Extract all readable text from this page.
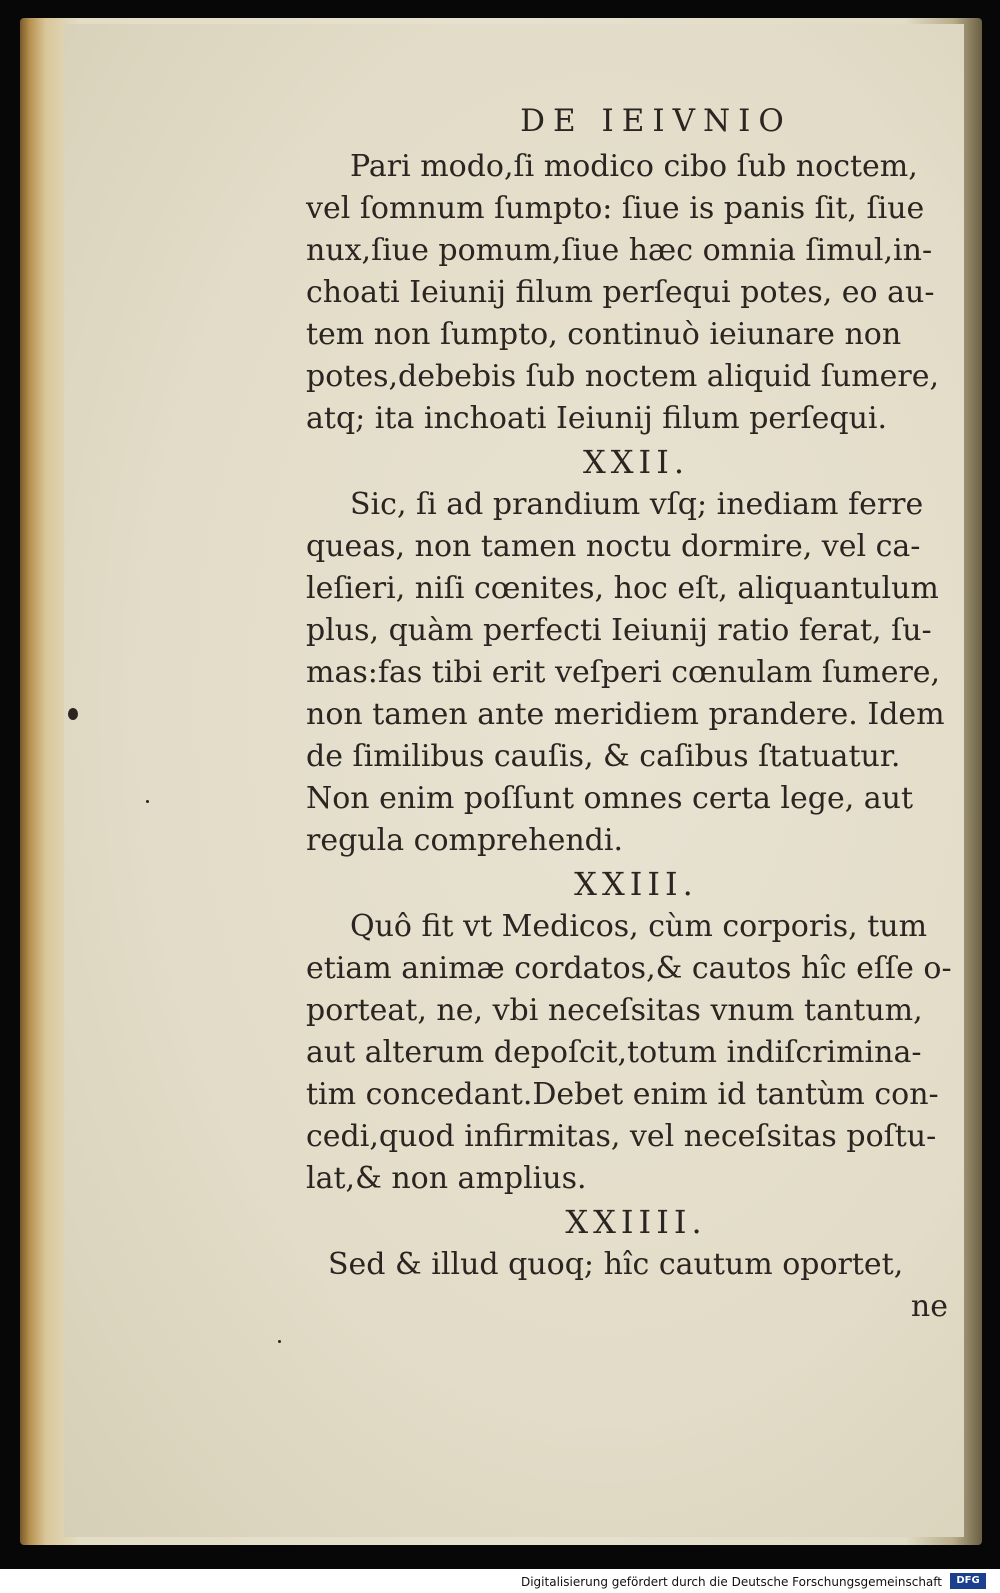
DE IEIVNIO
Pari modo,ſi modico cibo ſub noctem,
vel ſomnum ſumpto: ſiue is panis ſit, ſiue
nux,ſiue pomum,ſiue hæc omnia ſimul,in-
choati Ieiunij filum perſequi potes, eo au-
tem non ſumpto, continuò ieiunare non
potes,debebis ſub noctem aliquid ſumere,
atq; ita inchoati Ieiunij filum perſequi.
XXII.
Sic, ſi ad prandium vſq; inediam ferre
queas, non tamen noctu dormire, vel ca-
leſieri, niſi cœnites, hoc eſt, aliquantulum
plus, quàm perfecti Ieiunij ratio ferat, ſu-
mas:fas tibi erit veſperi cœnulam ſumere,
non tamen ante meridiem prandere. Idem
de ſimilibus cauſis, & caſibus ſtatuatur.
Non enim poſſunt omnes certa lege, aut
regula comprehendi.
XXIII.
Quô fit vt Medicos, cùm corporis, tum
etiam animæ cordatos,& cautos hîc eſſe o-
porteat, ne, vbi neceſsitas vnum tantum,
aut alterum depoſcit,totum indiſcrimina-
tim concedant.Debet enim id tantùm con-
cedi,quod infirmitas, vel neceſsitas poſtu-
lat,& non amplius.
XXIIII.
Sed & illud quoq; hîc cautum oportet,
ne
Digitalisierung gefördert durch die Deutsche Forschungsgemeinschaft	DFG
